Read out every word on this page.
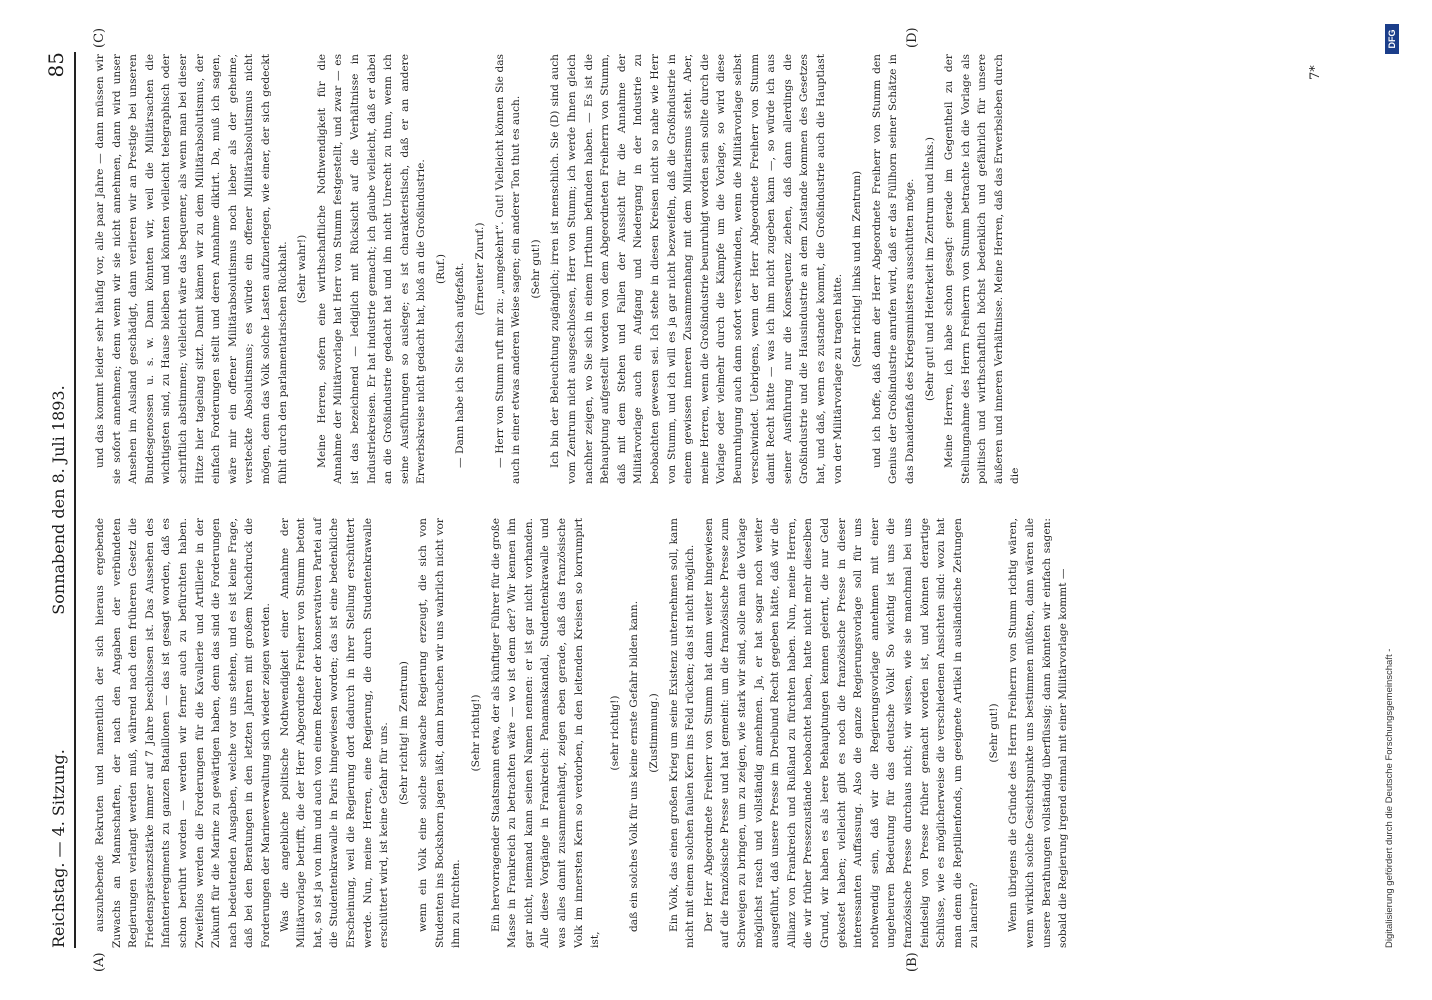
Reichstag. — 4. Sitzung.
Sonnabend den 8. Juli 1893.
85
(A)	(B)
(C)	(D)

auszuhebende Rekruten und namentlich der sich hieraus ergebende Zuwachs an Mannschaften, der nach den Angaben der verbündeten Regierungen verlangt werden muß, während nach dem früheren Gesetz die Friedenspräsenzstärke immer auf 7 Jahre beschlossen ist. Das Aussehen des Infanterieregiments zu ganzen Bataillonen — das ist gesagt worden, daß es schon berührt worden — werden wir ferner auch zu befürchten haben. Zweifellos werden die Forderungen für die Kavallerie und Artillerie in der Zukunft für die Marine zu gewärtigen haben, denn das sind die Forderungen nach bedeutenden Ausgaben, welche vor uns stehen, und es ist keine Frage, daß bei den Beratungen in den letzten Jahren mit großem Nachdruck die Forderungen der Marineverwaltung sich wieder zeigen werden. Was die angebliche politische Nothwendigkeit einer Annahme der Militärvorlage betrifft, die der Herr Abgeordnete Freiherr von Stumm betont hat, so ist ja von ihm und auch von einem Redner der konservativen Partei auf die Studentenkrawalle in Paris hingewiesen worden; das ist eine bedenkliche Erscheinung, weil die Regierung dort dadurch in ihrer Stellung erschüttert werde. Nun, meine Herren, eine Regierung, die durch Studentenkrawalle erschüttert wird, ist keine Gefahr für uns. (Sehr richtig! im Zentrum) wenn ein Volk eine solche schwache Regierung erzeugt, die sich von Studenten ins Bockshorn jagen läßt, dann brauchen wir uns wahrlich nicht vor ihm zu fürchten.

(Sehr richtig!) Ein hervorragender Staatsmann etwa, der als künftiger Führer für die große Masse in Frankreich zu betrachten wäre — wo ist denn der? Wir kennen ihn gar nicht, niemand kann seinen Namen nennen: er ist gar nicht vorhanden. Alle diese Vorgänge in Frankreich: Panamaskandal, Studentenkrawalle und was alles damit zusammenhängt, zeigen eben gerade, daß das französische Volk im innersten Kern so verdorben, in den leitenden Kreisen so korrumpirt ist,

(sehr richtig!) daß ein solches Volk für uns keine ernste Gefahr bilden kann. (Zustimmung.) Ein Volk, das einen großen Krieg um seine Existenz unternehmen soll, kann nicht mit einem solchen faulen Kern ins Feld rücken; das ist nicht möglich. Der Herr Abgeordnete Freiherr von Stumm hat dann weiter hingewiesen auf die französische Presse und hat gemeint: um die französische Presse zum Schweigen zu bringen, um zu zeigen, wie stark wir sind, solle man die Vorlage möglichst rasch und vollständig annehmen. Ja, er hat sogar noch weiter ausgeführt, daß unsere Presse im Dreibund Recht gegeben hätte, daß wir die Allianz von Frankreich und Rußland zu fürchten haben. Nun, meine Herren, die wir früher Pressezustände beobachtet haben, hatte nicht mehr dieselben Grund, wir haben es als leere Behauptungen kennen gelernt, die nur Geld gekostet haben; vielleicht gibt es noch die französische Presse in dieser interessanten Auffassung. Also die ganze Regierungsvorlage soll für uns nothwendig sein, daß wir die Regierungsvorlage annehmen mit einer ungeheuren Bedeutung für das deutsche Volk! So wichtig ist uns die französische Presse durchaus nicht; wir wissen, wie sie manchmal bei uns feindselig von Presse früher gemacht worden ist, und können derartige Schlüsse, wie es möglicherweise die verschiedenen Ansichten sind: wozu hat man denn die Reptilienfonds, um geeignete Artikel in ausländische Zeitungen zu lanciren?

(Sehr gut!) Wenn übrigens die Gründe des Herrn Freiherrn von Stumm richtig wären, wenn wirklich solche Gesichtspunkte uns bestimmen müßten, dann wären alle unsere Berathungen vollständig überflüssig; dann könnten wir einfach sagen: sobald die Regierung irgend einmal mit einer Militärvorlage kommt —

und das kommt leider sehr häufig vor, alle paar Jahre — dann müssen wir sie sofort annehmen; denn wenn wir sie nicht annehmen, dann wird unser Ansehen im Ausland geschädigt, dann verlieren wir an Prestige bei unseren Bundesgenossen u. s. w. Dann könnten wir, weil die Militärsachen die wichtigsten sind, zu Hause bleiben und könnten vielleicht telegraphisch oder schriftlich abstimmen; vielleicht wäre das bequemer, als wenn man bei dieser Hitze hier tagelang sitzt. Damit kämen wir zu dem Militärabsolutismus, der einfach Forderungen stellt und deren Annahme diktirt. Da, muß ich sagen, wäre mir ein offener Militärabsolutismus noch lieber als der geheime, versteckte Absolutismus; es würde ein offener Militärabsolutismus nicht mögen, denn das Volk solche Lasten aufzuerlegen, wie einer, der sich gedeckt fühlt durch den parlamentarischen Rückhalt. (Sehr wahr!) Meine Herren, sofern eine wirthschaftliche Nothwendigkeit für die Annahme der Militärvorlage hat Herr von Stumm festgestellt, und zwar — es ist das bezeichnend — lediglich mit Rücksicht auf die Verhältnisse in Industriekreisen. Er hat industrie gemacht; ich glaube vielleicht, daß er dabei an die Großindustrie gedacht hat und ihn nicht Unrecht zu thun, wenn ich seine Ausführungen so auslege; es ist charakteristisch, daß er an andere Erwerbskreise nicht gedacht hat, bloß an die Großindustrie. (Ruf.) — Dann habe ich Sie falsch aufgefaßt. (Erneuter Zuruf.) — Herr von Stumm ruft mir zu: „umgekehrt“. Gut! Vielleicht können Sie das auch in einer etwas anderen Weise sagen; ein anderer Ton thut es auch. (Sehr gut!) Ich bin der Beleuchtung zugänglich; irren ist menschlich. Sie (D) sind auch vom Zentrum nicht ausgeschlossen, Herr von Stumm; ich werde Ihnen gleich nachher zeigen, wo Sie sich in einem Irrthum befunden haben. — Es ist die Behauptung aufgestellt worden von dem Abgeordneten Freiherrn von Stumm, daß mit dem Stehen und Fallen der Aussicht für die Annahme der Militärvorlage auch ein Aufgang und Niedergang in der Industrie zu beobachten gewesen sei. Ich stehe in diesen Kreisen nicht so nahe wie Herr von Stumm, und ich will es ja gar nicht bezweifeln, daß die Großindustrie in einem gewissen inneren Zusammenhang mit dem Militarismus steht. Aber, meine Herren, wenn die Großindustrie beunruhigt worden sein sollte durch die Vorlage oder vielmehr durch die Kämpfe um die Vorlage, so wird diese Beunruhigung auch dann sofort verschwinden, wenn die Militärvorlage selbst verschwindet. Uebrigens, wenn der Herr Abgeordnete Freiherr von Stumm damit Recht hätte — was ich ihm nicht zugeben kann —, so würde ich aus seiner Ausführung nur die Konsequenz ziehen, daß dann allerdings die Großindustrie und die Hausindustrie an dem Zustande kommen des Gesetzes hat, und daß, wenn es zustande kommt, die Großindustrie auch die Hauptlast von der Militärvorlage zu tragen hätte.

(Sehr richtig! links und im Zentrum) und ich hoffe, daß dann der Herr Abgeordnete Freiherr von Stumm den Genius der Großindustrie anrufen wird, daß er das Füllhorn seiner Schätze in das Danaidenfaß des Kriegsministers ausschütten möge. (Sehr gut! und Heiterkeit im Zentrum und links.) Meine Herren, ich habe schon gesagt: gerade im Gegentheil zu der Stellungnahme des Herrn Freiherrn von Stumm betrachte ich die Vorlage als politisch und wirthschaftlich höchst bedenklich und gefährlich für unsere äußeren und inneren Verhältnisse. Meine Herren, daß das Erwerbsleben durch die

7*
Digitalisierung gefördert durch die Deutsche Forschungsgemeinschaft -
DFG
